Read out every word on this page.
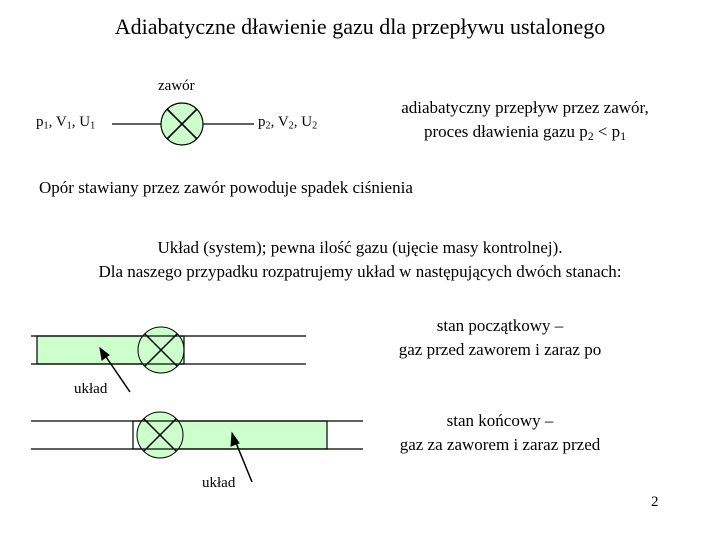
Adiabatyczne dławienie gazu dla przepływu ustalonego
zawór
$p_1$, $V_1$, $U_1$	$p_2$, $V_2$, $U_2$
adiabatyczny przepływ przez zawór,
proces dławienia gazu $p_2 < p_1$
Opór stawiany przez zawór powoduje spadek ciśnienia
Układ (system); pewna ilość gazu (ujęcie masy kontrolnej).
Dla naszego przypadku rozpatrujemy układ w następujących dwóch stanach:
stan początkowy –
gaz przed zaworem i zaraz po
układ
stan końcowy –
gaz za zaworem i zaraz przed
układ
2
